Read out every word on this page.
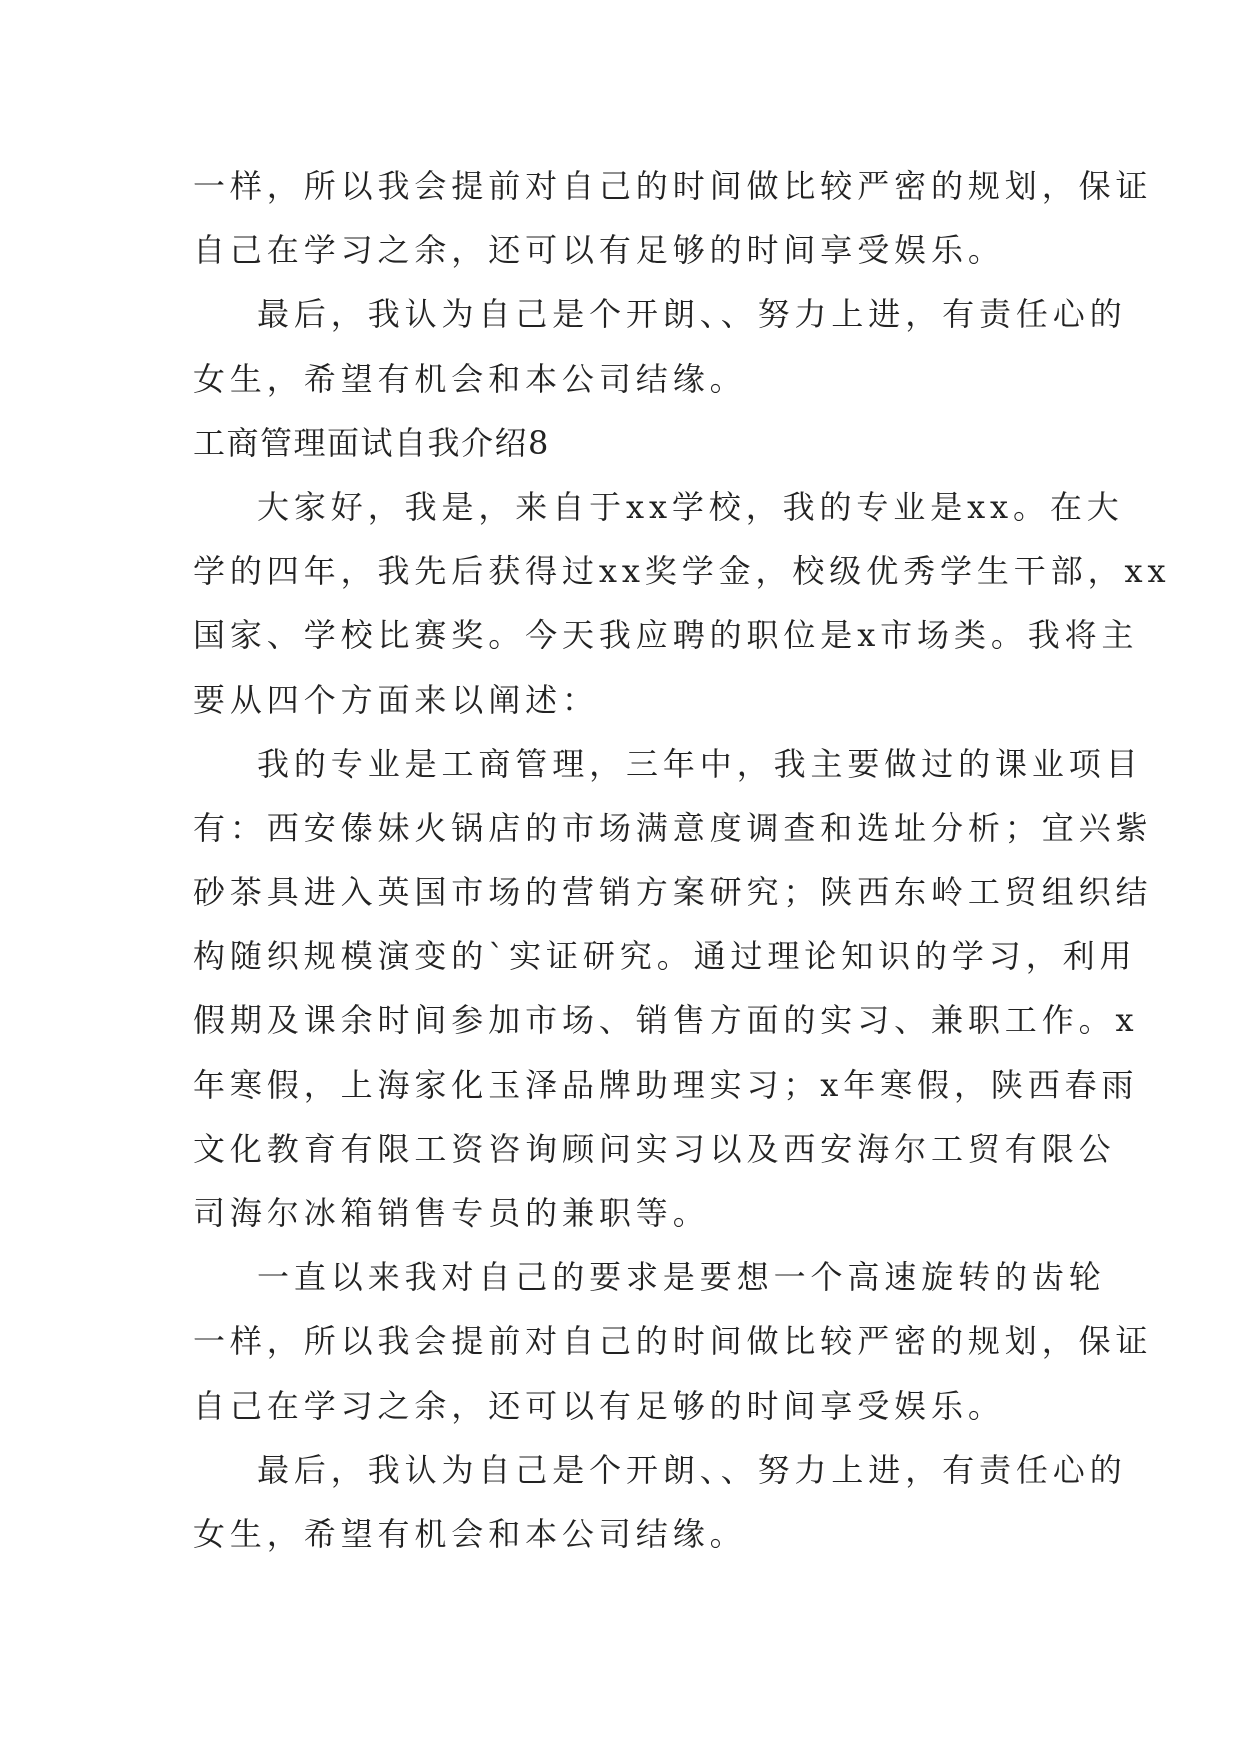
一样，所以我会提前对自己的时间做比较严密的规划，保证
自己在学习之余，还可以有足够的时间享受娱乐。
最后，我认为自己是个开朗、、努力上进，有责任心的
女生，希望有机会和本公司结缘。
工商管理面试自我介绍8
大家好，我是，来自于xx学校，我的专业是xx。在大
学的四年，我先后获得过xx奖学金，校级优秀学生干部，xx
国家、学校比赛奖。今天我应聘的职位是x市场类。我将主
要从四个方面来以阐述：
我的专业是工商管理，三年中，我主要做过的课业项目
有：西安傣妹火锅店的市场满意度调查和选址分析；宜兴紫
砂茶具进入英国市场的营销方案研究；陕西东岭工贸组织结
构随织规模演变的`实证研究。通过理论知识的学习，利用
假期及课余时间参加市场、销售方面的实习、兼职工作。x
年寒假，上海家化玉泽品牌助理实习；x年寒假，陕西春雨
文化教育有限工资咨询顾问实习以及西安海尔工贸有限公
司海尔冰箱销售专员的兼职等。
一直以来我对自己的要求是要想一个高速旋转的齿轮
一样，所以我会提前对自己的时间做比较严密的规划，保证
自己在学习之余，还可以有足够的时间享受娱乐。
最后，我认为自己是个开朗、、努力上进，有责任心的
女生，希望有机会和本公司结缘。
